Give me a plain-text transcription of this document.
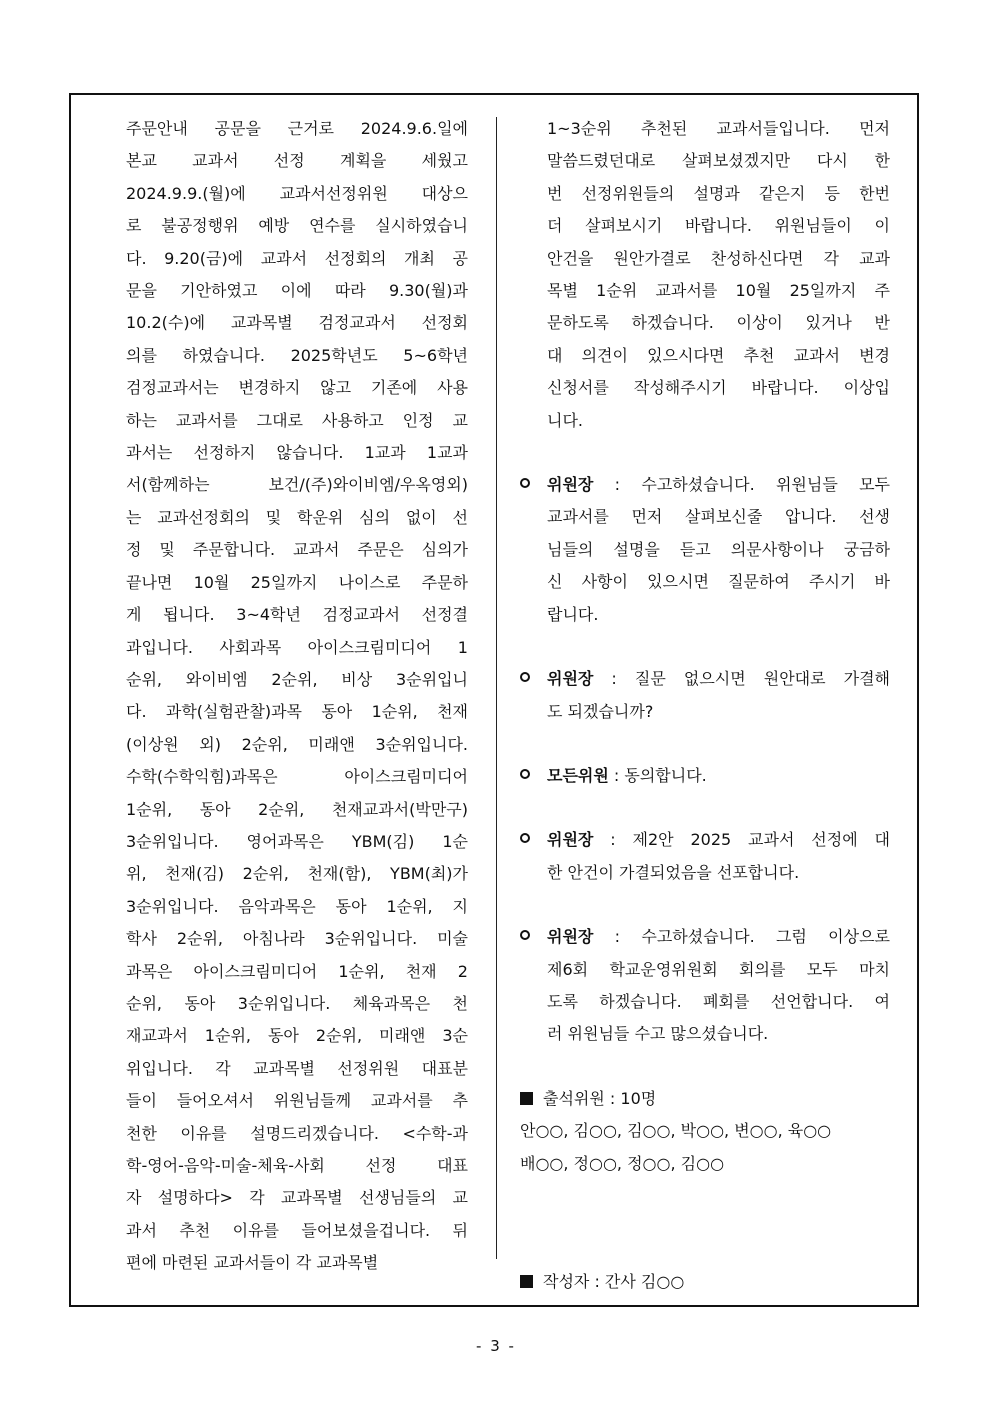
주문안내 공문을 근거로 2024.9.6.일에
본교 교과서 선정 계획을 세웠고
2024.9.9.(월)에 교과서선정위원 대상으
로 불공정행위 예방 연수를 실시하였습니
다. 9.20(금)에 교과서 선정회의 개최 공
문을 기안하였고 이에 따라 9.30(월)과
10.2(수)에 교과목별 검정교과서 선정회
의를 하였습니다. 2025학년도 5~6학년
검정교과서는 변경하지 않고 기존에 사용
하는 교과서를 그대로 사용하고 인정 교
과서는 선정하지 않습니다. 1교과 1교과
서(함께하는 보건/(주)와이비엠/우옥영외)
는 교과선정회의 및 학운위 심의 없이 선
정 및 주문합니다. 교과서 주문은 심의가
끝나면 10월 25일까지 나이스로 주문하
게 됩니다. 3~4학년 검정교과서 선정결
과입니다. 사회과목 아이스크림미디어 1
순위, 와이비엠 2순위, 비상 3순위입니
다. 과학(실험관찰)과목 동아 1순위, 천재
(이상원 외) 2순위, 미래앤 3순위입니다.
수학(수학익힘)과목은 아이스크림미디어
1순위, 동아 2순위, 천재교과서(박만구)
3순위입니다. 영어과목은 YBM(김) 1순
위, 천재(김) 2순위, 천재(함), YBM(최)가
3순위입니다. 음악과목은 동아 1순위, 지
학사 2순위, 아침나라 3순위입니다. 미술
과목은 아이스크림미디어 1순위, 천재 2
순위, 동아 3순위입니다. 체육과목은 천
재교과서 1순위, 동아 2순위, 미래앤 3순
위입니다. 각 교과목별 선정위원 대표분
들이 들어오셔서 위원님들께 교과서를 추
천한 이유를 설명드리겠습니다. <수학-과
학-영어-음악-미술-체육-사회 선정 대표
자 설명하다> 각 교과목별 선생님들의 교
과서 추천 이유를 들어보셨을겁니다. 뒤
편에 마련된 교과서들이 각 교과목별
1~3순위 추천된 교과서들입니다. 먼저
말씀드렸던대로 살펴보셨겠지만 다시 한
번 선정위원들의 설명과 같은지 등 한번
더 살펴보시기 바랍니다. 위원님들이 이
안건을 원안가결로 찬성하신다면 각 교과
목별 1순위 교과서를 10월 25일까지 주
문하도록 하겠습니다. 이상이 있거나 반
대 의견이 있으시다면 추천 교과서 변경
신청서를 작성해주시기 바랍니다. 이상입
니다.
위원장 : 수고하셨습니다. 위원님들 모두
교과서를 먼저 살펴보신줄 압니다. 선생
님들의 설명을 듣고 의문사항이나 궁금하
신 사항이 있으시면 질문하여 주시기 바
랍니다.
위원장 : 질문 없으시면 원안대로 가결해
도 되겠습니까?
모든위원 : 동의합니다.
위원장 : 제2안 2025 교과서 선정에 대
한 안건이 가결되었음을 선포합니다.
위원장 : 수고하셨습니다. 그럼 이상으로
제6회 학교운영위원회 회의를 모두 마치
도록 하겠습니다. 폐회를 선언합니다. 여
러 위원님들 수고 많으셨습니다.
출석위원 : 10명
안○○, 김○○, 김○○, 박○○, 변○○, 육○○
배○○, 정○○, 정○○, 김○○
작성자 : 간사 김○○
- 3 -
